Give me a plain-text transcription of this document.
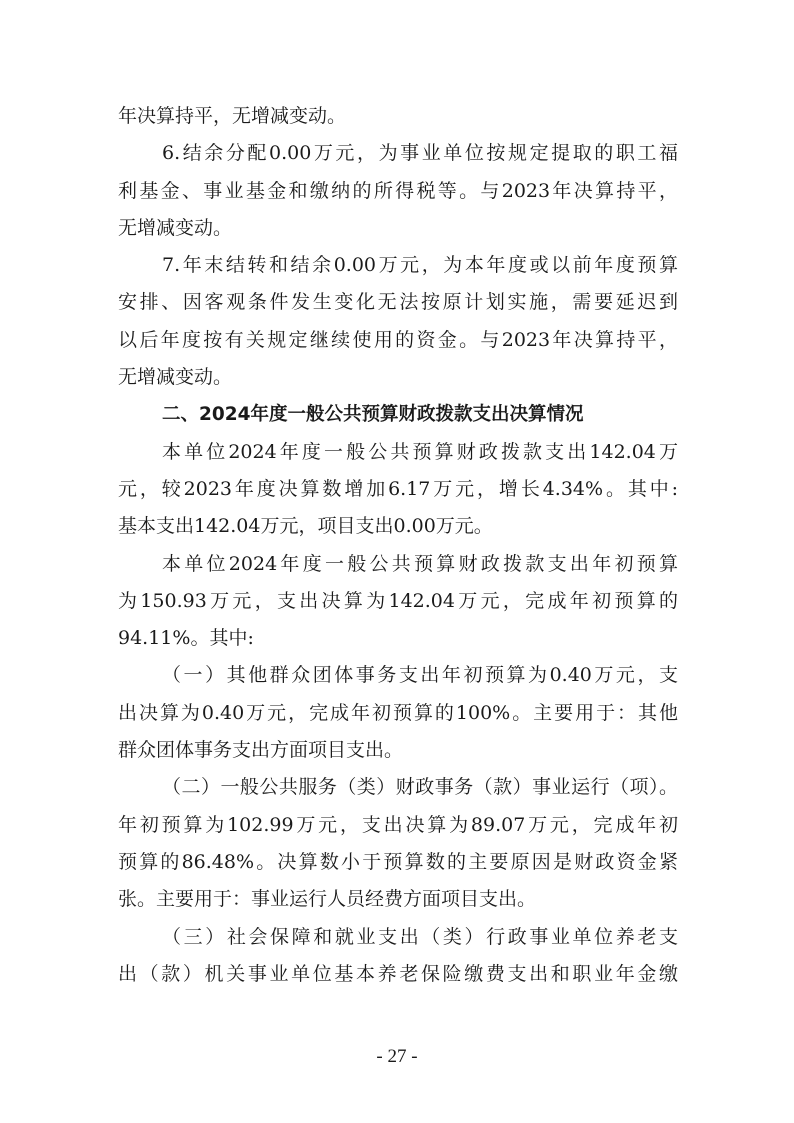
年决算持平，无增减变动。
6.结余分配0.00万元，为事业单位按规定提取的职工福
利基金、事业基金和缴纳的所得税等。与2023年决算持平，
无增减变动。
7.年末结转和结余0.00万元，为本年度或以前年度预算
安排、因客观条件发生变化无法按原计划实施，需要延迟到
以后年度按有关规定继续使用的资金。与2023年决算持平，
无增减变动。
二、2024年度一般公共预算财政拨款支出决算情况
本单位2024年度一般公共预算财政拨款支出142.04万
元，较2023年度决算数增加6.17万元，增长4.34%。其中:
基本支出142.04万元，项目支出0.00万元。
本单位2024年度一般公共预算财政拨款支出年初预算
为150.93万元，支出决算为142.04万元，完成年初预算的
94.11%。其中:
（一）其他群众团体事务支出年初预算为0.40万元，支
出决算为0.40万元，完成年初预算的100%。主要用于：其他
群众团体事务支出方面项目支出。
（二）一般公共服务（类）财政事务（款）事业运行（项）。
年初预算为102.99万元，支出决算为89.07万元，完成年初
预算的86.48%。决算数小于预算数的主要原因是财政资金紧
张。主要用于：事业运行人员经费方面项目支出。
（三）社会保障和就业支出（类）行政事业单位养老支
出（款）机关事业单位基本养老保险缴费支出和职业年金缴
- 27 -
